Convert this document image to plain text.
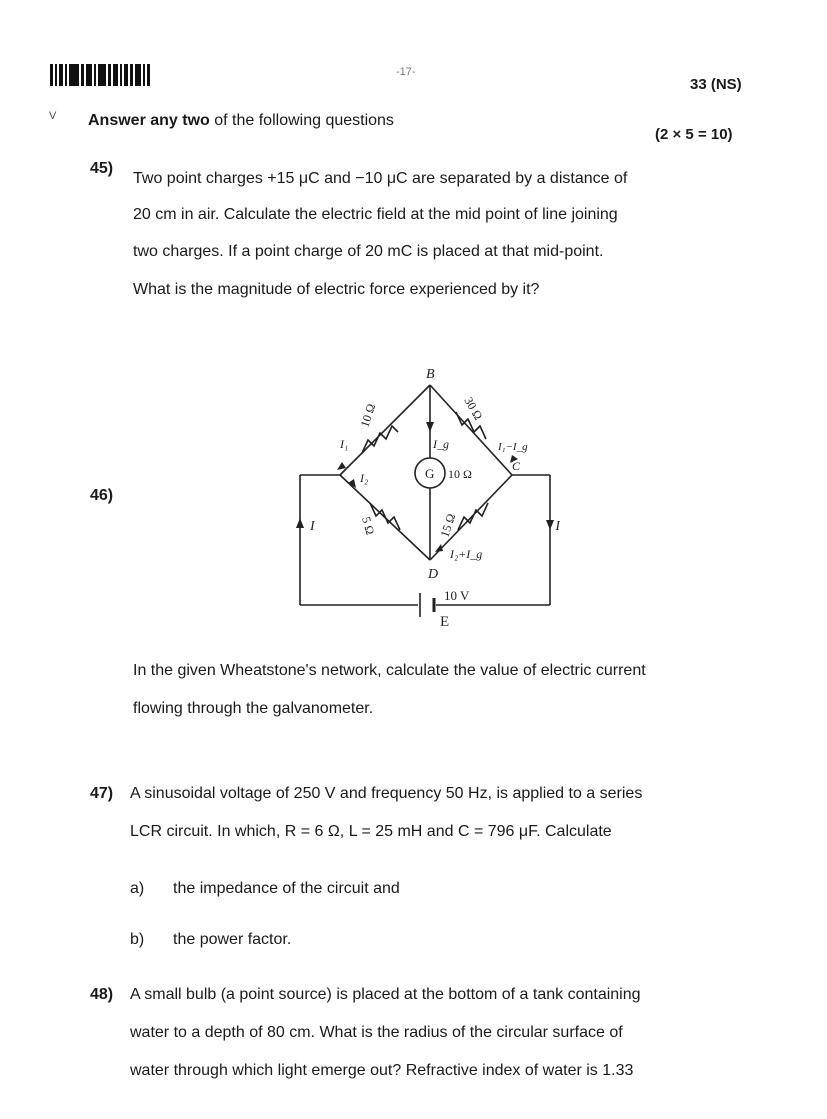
-17-
33 (NS)
V Answer any two of the following questions
(2 × 5 = 10)
45)
Two point charges +15 μC and −10 μC are separated by a distance of
20 cm in air. Calculate the electric field at the mid point of line joining
two charges. If a point charge of 20 mC is placed at that mid-point.
What is the magnitude of electric force experienced by it?
46)
B
D
C
10 Ω	30 Ω
5 Ω	15 Ω
G 10 Ω
I₁
I₂
I_g	I₁−I_g
I₂+I_g
I	I
10 V
E
In the given Wheatstone's network, calculate the value of electric current
flowing through the galvanometer.
47) A sinusoidal voltage of 250 V and frequency 50 Hz, is applied to a series
LCR circuit. In which, R = 6 Ω, L = 25 mH and C = 796 μF. Calculate
a) the impedance of the circuit and
b) the power factor.
48) A small bulb (a point source) is placed at the bottom of a tank containing
water to a depth of 80 cm. What is the radius of the circular surface of
water through which light emerge out? Refractive index of water is 1.33
